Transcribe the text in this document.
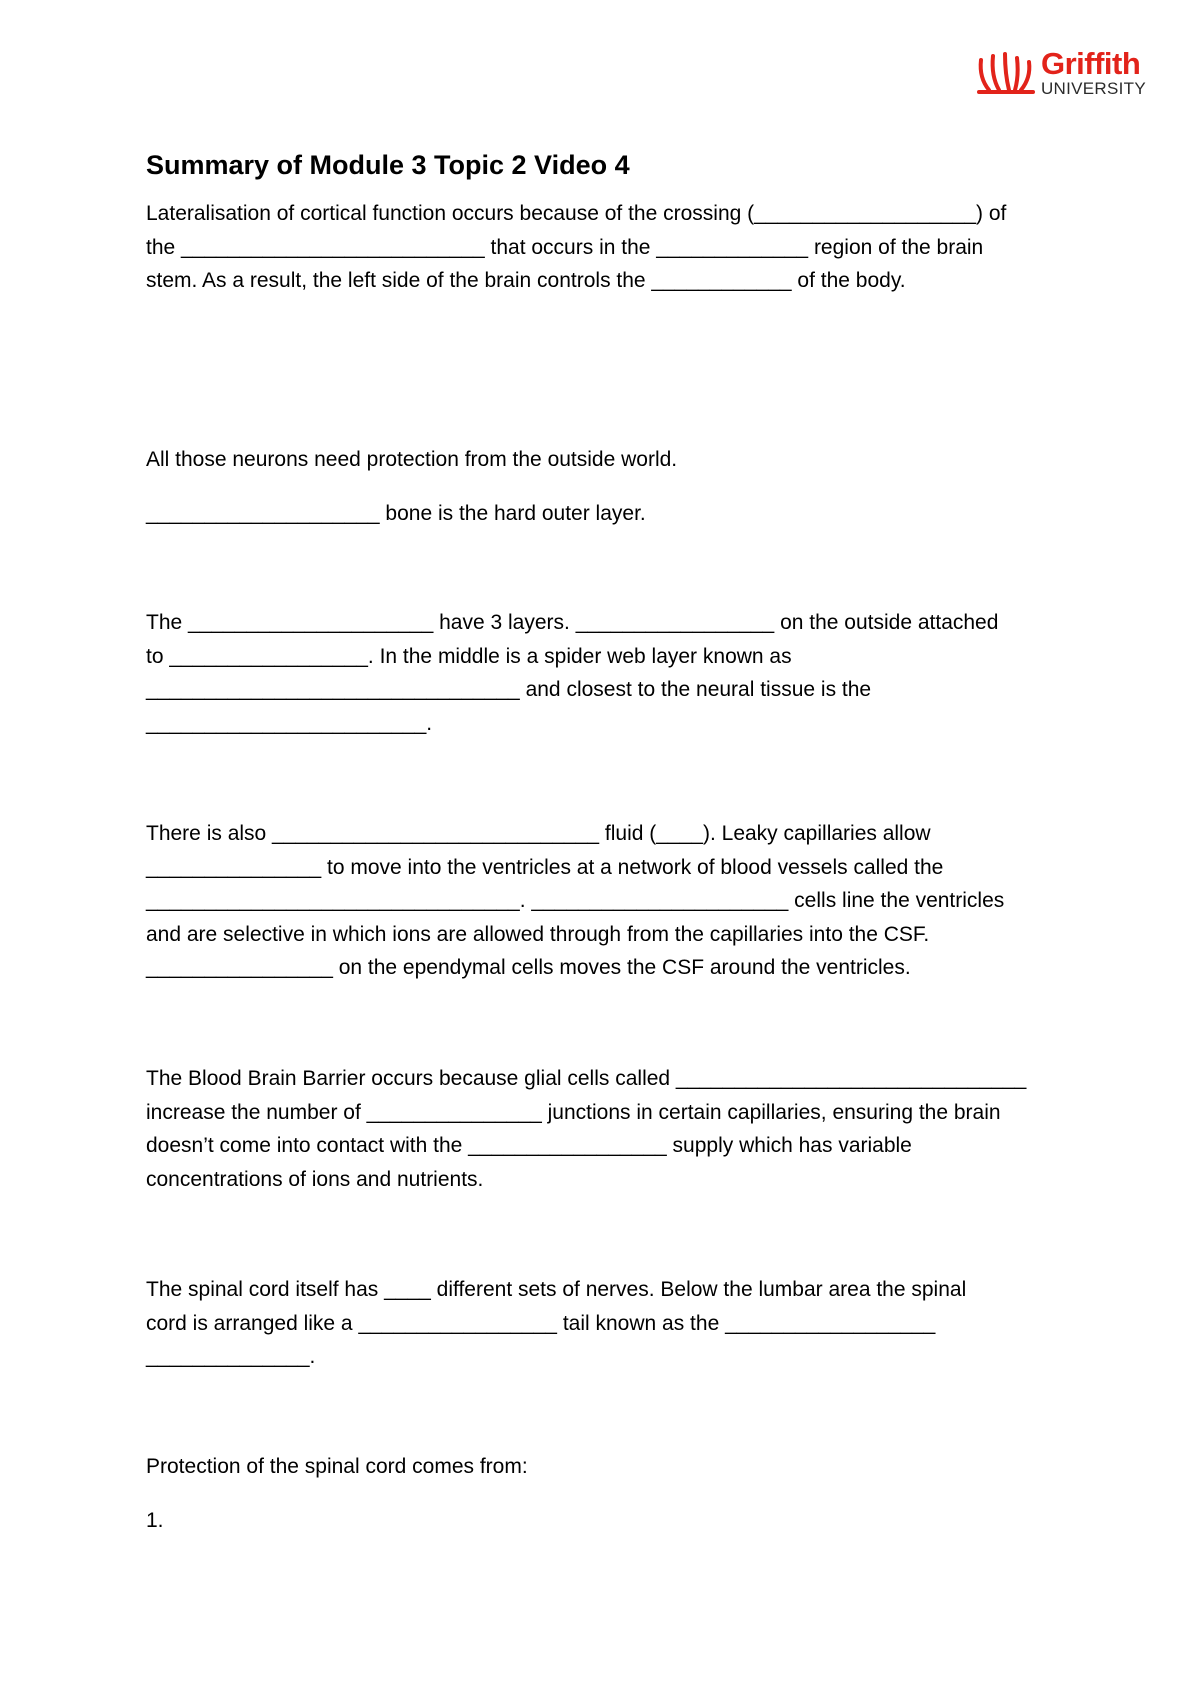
Griffith
UNIVERSITY
Summary of Module 3 Topic 2 Video 4
Lateralisation of cortical function occurs because of the crossing (___________________) of
the __________________________ that occurs in the _____________ region of the brain
stem. As a result, the left side of the brain controls the ____________ of the body.
All those neurons need protection from the outside world.
____________________ bone is the hard outer layer.
The _____________________ have 3 layers. _________________ on the outside attached
to _________________. In the middle is a spider web layer known as
________________________________ and closest to the neural tissue is the
________________________.
There is also ____________________________ fluid (____). Leaky capillaries allow
_______________ to move into the ventricles at a network of blood vessels called the
________________________________. ______________________ cells line the ventricles
and are selective in which ions are allowed through from the capillaries into the CSF.
________________ on the ependymal cells moves the CSF around the ventricles.
The Blood Brain Barrier occurs because glial cells called ______________________________
increase the number of _______________ junctions in certain capillaries, ensuring the brain
doesn’t come into contact with the _________________ supply which has variable
concentrations of ions and nutrients.
The spinal cord itself has ____ different sets of nerves. Below the lumbar area the spinal
cord is arranged like a _________________ tail known as the __________________
______________.
Protection of the spinal cord comes from:
1.
